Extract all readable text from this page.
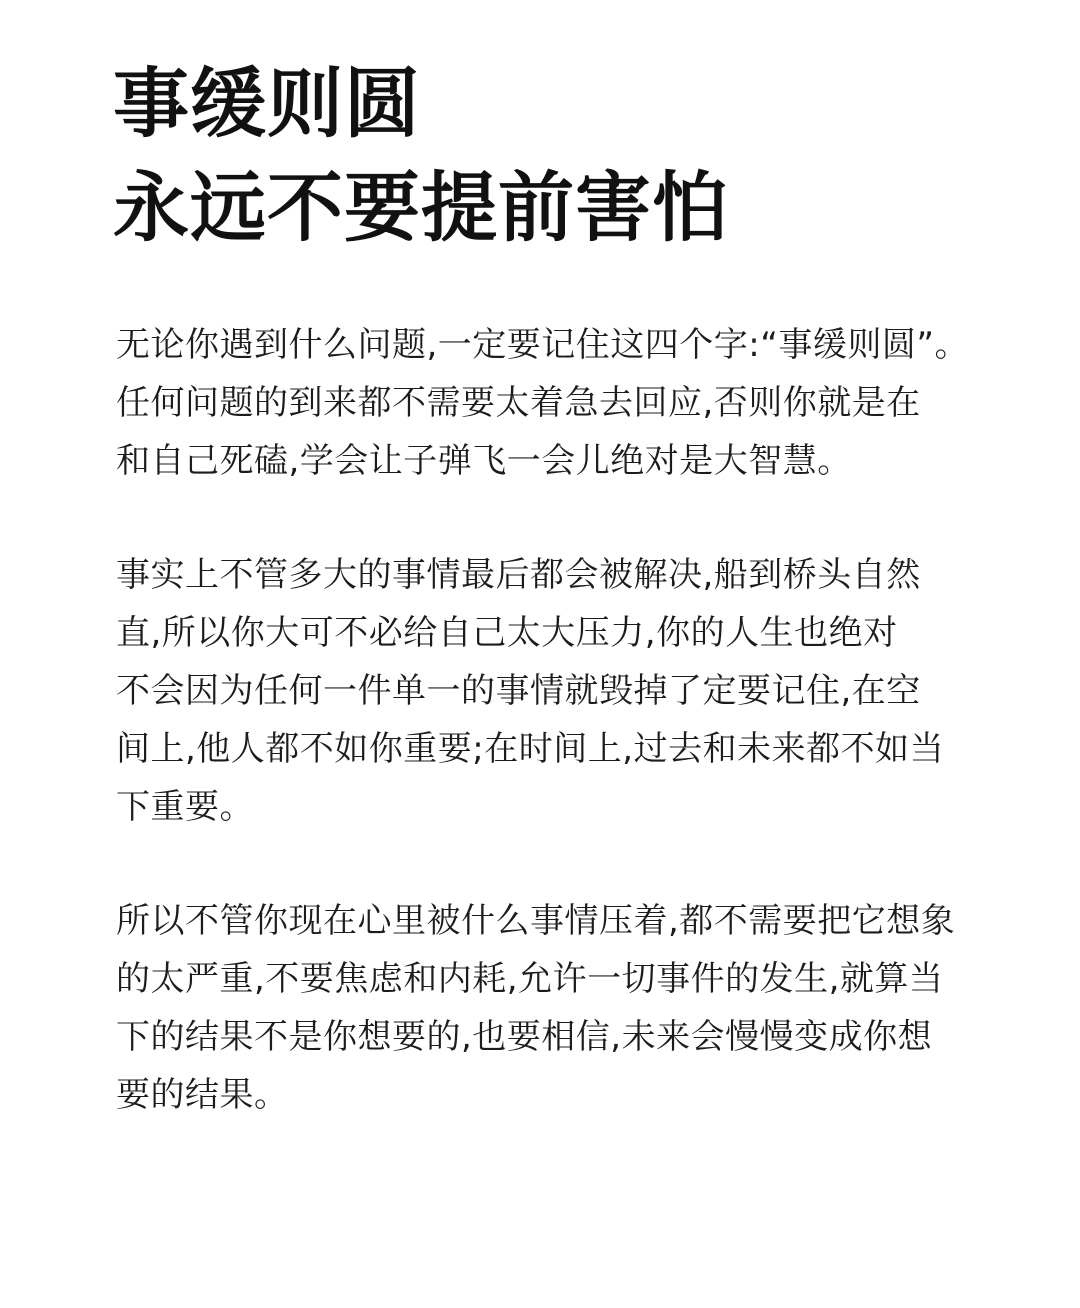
事缓则圆
永远不要提前害怕
无论你遇到什么问题,一定要记住这四个字:“事缓则圆”。
任何问题的到来都不需要太着急去回应,否则你就是在
和自己死磕,学会让子弹飞一会儿绝对是大智慧。
事实上不管多大的事情最后都会被解决,船到桥头自然
直,所以你大可不必给自己太大压力,你的人生也绝对
不会因为任何一件单一的事情就毁掉了定要记住,在空
间上,他人都不如你重要;在时间上,过去和未来都不如当
下重要。
所以不管你现在心里被什么事情压着,都不需要把它想象
的太严重,不要焦虑和内耗,允许一切事件的发生,就算当
下的结果不是你想要的,也要相信,未来会慢慢变成你想
要的结果。
